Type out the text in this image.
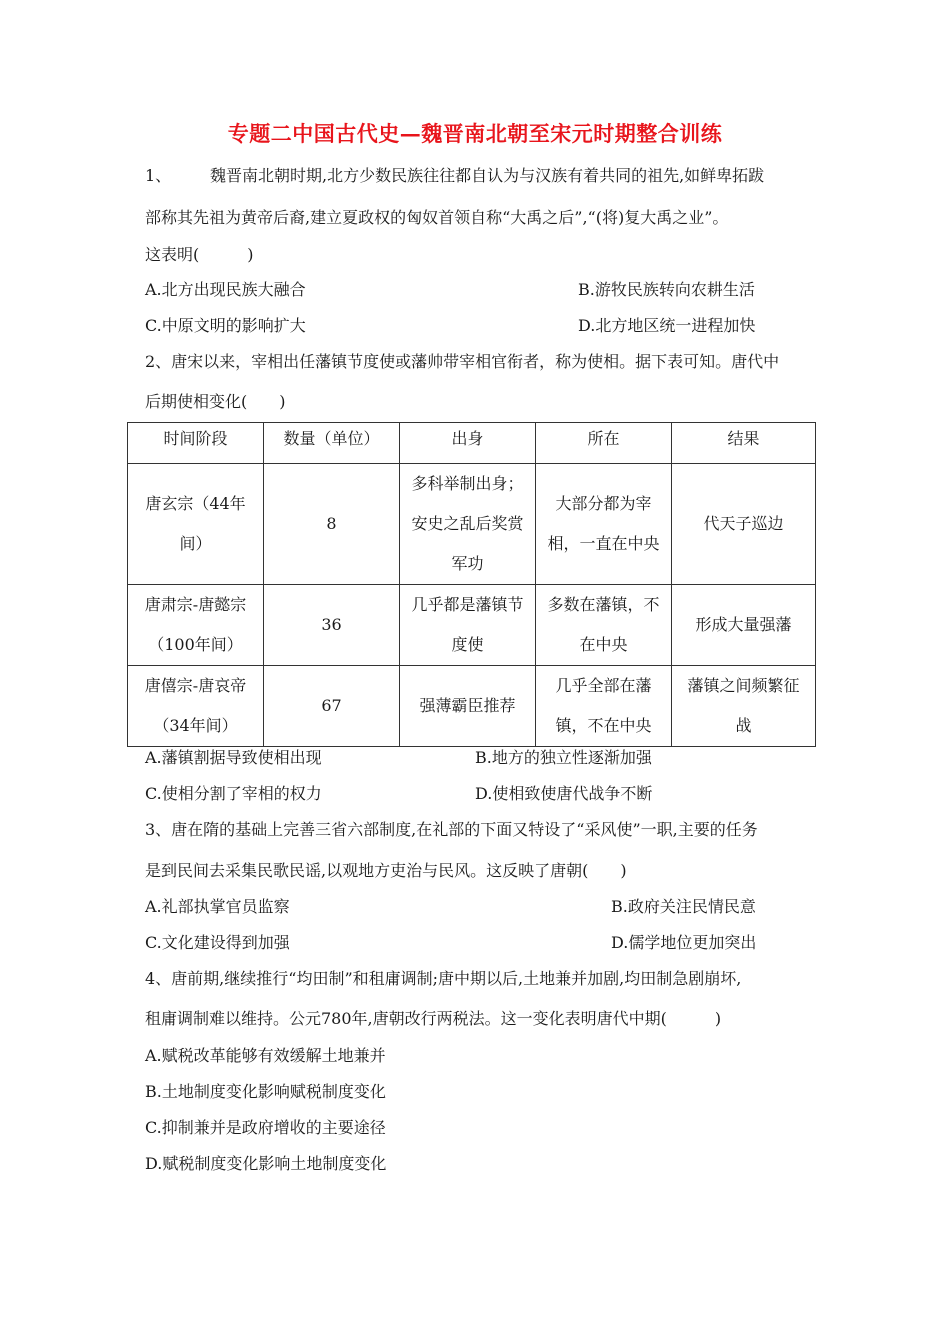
专题二中国古代史—魏晋南北朝至宋元时期整合训练
1、 魏晋南北朝时期,北方少数民族往往都自认为与汉族有着共同的祖先,如鲜卑拓跋
部称其先祖为黄帝后裔,建立夏政权的匈奴首领自称“大禹之后”,“(将)复大禹之业”。
这表明(　　　)
A.北方出现民族大融合	B.游牧民族转向农耕生活
C.中原文明的影响扩大	D.北方地区统一进程加快
2、唐宋以来，宰相出任藩镇节度使或藩帅带宰相官衔者，称为使相。据下表可知。唐代中
后期使相变化(　　)
时间阶段	数量（单位）	出身	所在	结果
唐玄宗（44年间）	8	多科举制出身；安史之乱后奖赏军功	大部分都为宰相，一直在中央	代天子巡边
唐肃宗-唐懿宗（100年间）	36	几乎都是藩镇节度使	多数在藩镇，不在中央	形成大量强藩
唐僖宗-唐哀帝（34年间）	67	强薄霸臣推荐	几乎全部在藩镇，不在中央	藩镇之间频繁征战
A.藩镇割据导致使相出现	B.地方的独立性逐渐加强
C.使相分割了宰相的权力	D.使相致使唐代战争不断
3、唐在隋的基础上完善三省六部制度,在礼部的下面又特设了“采风使”一职,主要的任务
是到民间去采集民歌民谣,以观地方吏治与民风。这反映了唐朝(　　)
A.礼部执掌官员监察	B.政府关注民情民意
C.文化建设得到加强	D.儒学地位更加突出
4、唐前期,继续推行“均田制”和租庸调制;唐中期以后,土地兼并加剧,均田制急剧崩坏,
租庸调制难以维持。公元780年,唐朝改行两税法。这一变化表明唐代中期(　　　)
A.赋税改革能够有效缓解土地兼并
B.土地制度变化影响赋税制度变化
C.抑制兼并是政府增收的主要途径
D.赋税制度变化影响土地制度变化
